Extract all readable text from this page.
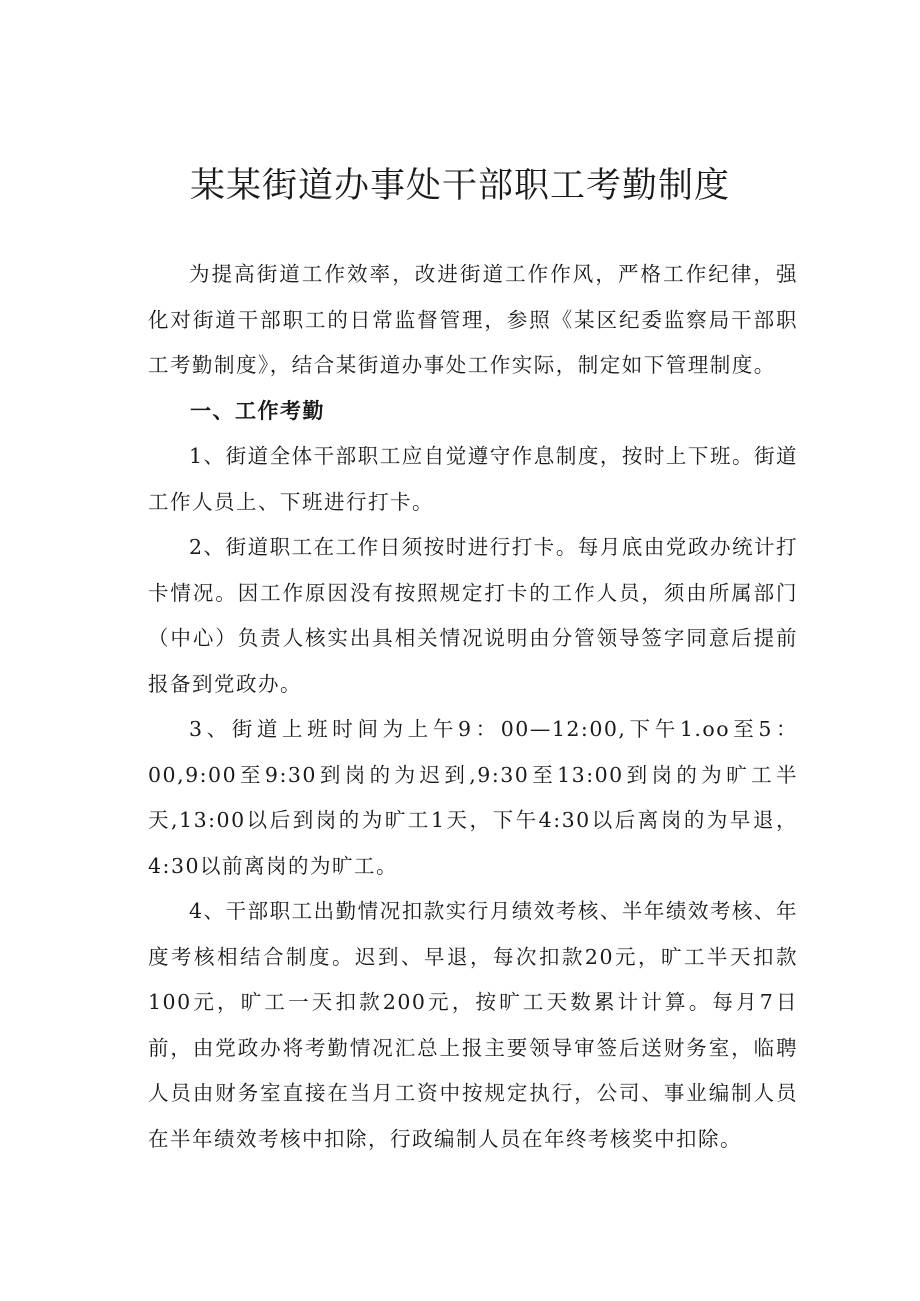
某某街道办事处干部职工考勤制度

为提高街道工作效率，改进街道工作作风，严格工作纪律，强化对街道干部职工的日常监督管理，参照《某区纪委监察局干部职工考勤制度》，结合某街道办事处工作实际，制定如下管理制度。

一、工作考勤

1、街道全体干部职工应自觉遵守作息制度，按时上下班。街道工作人员上、下班进行打卡。

2、街道职工在工作日须按时进行打卡。每月底由党政办统计打卡情况。因工作原因没有按照规定打卡的工作人员，须由所属部门（中心）负责人核实出具相关情况说明由分管领导签字同意后提前报备到党政办。

3、街道上班时间为上午9：00—12:00,下午1.oo至5：00,9:00至9:30到岗的为迟到,9:30至13:00到岗的为旷工半天,13:00以后到岗的为旷工1天，下午4:30以后离岗的为早退，4:30以前离岗的为旷工。

4、干部职工出勤情况扣款实行月绩效考核、半年绩效考核、年度考核相结合制度。迟到、早退，每次扣款20元，旷工半天扣款100元，旷工一天扣款200元，按旷工天数累计计算。每月7日前，由党政办将考勤情况汇总上报主要领导审签后送财务室，临聘人员由财务室直接在当月工资中按规定执行，公司、事业编制人员在半年绩效考核中扣除，行政编制人员在年终考核奖中扣除。
